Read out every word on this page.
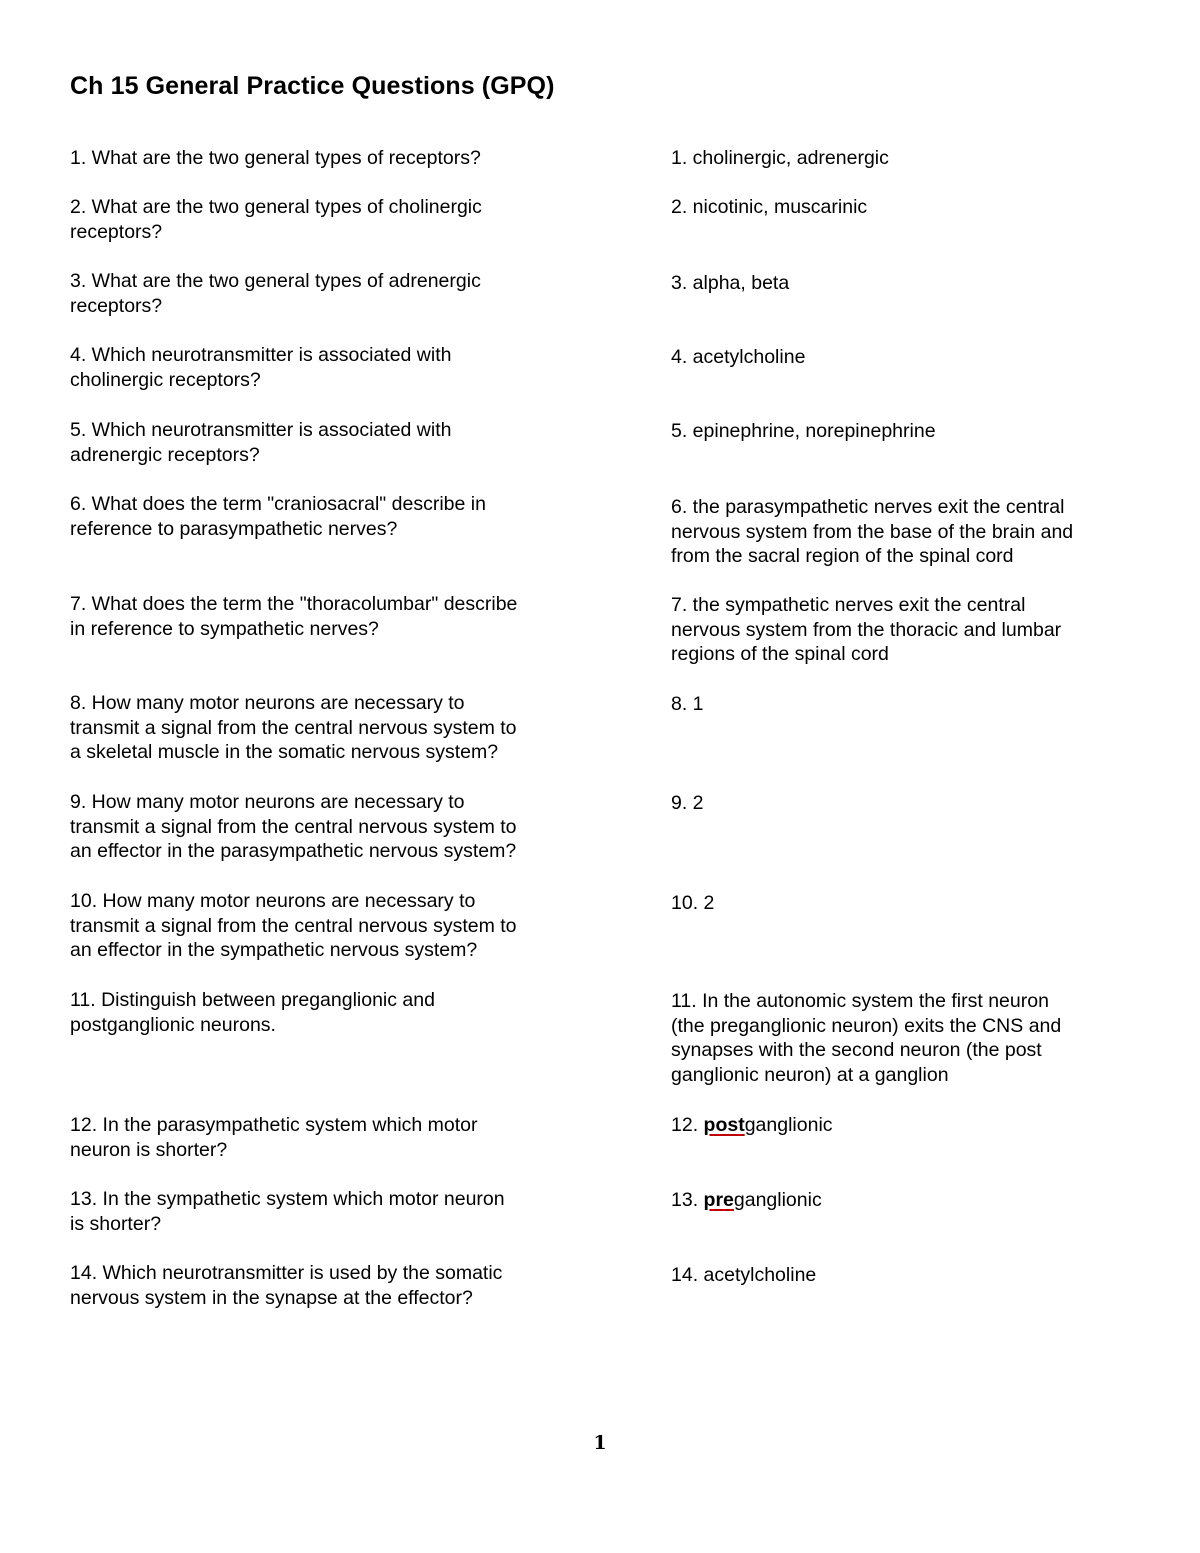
Ch 15 General Practice Questions (GPQ)
1. What are the two general types of receptors?	1. cholinergic, adrenergic
2. What are the two general types of cholinergic
receptors?
2. nicotinic, muscarinic
3. What are the two general types of adrenergic
receptors?
3. alpha, beta
4. Which neurotransmitter is associated with
cholinergic receptors?
4. acetylcholine
5. Which neurotransmitter is associated with
adrenergic receptors?
5. epinephrine, norepinephrine
6. What does the term "craniosacral" describe in
reference to parasympathetic nerves?
6. the parasympathetic nerves exit the central
nervous system from the base of the brain and
from the sacral region of the spinal cord
7. What does the term the "thoracolumbar" describe
in reference to sympathetic nerves?
7. the sympathetic nerves exit the central
nervous system from the thoracic and lumbar
regions of the spinal cord
8. How many motor neurons are necessary to
transmit a signal from the central nervous system to
a skeletal muscle in the somatic nervous system?
8. 1
9. How many motor neurons are necessary to
transmit a signal from the central nervous system to
an effector in the parasympathetic nervous system?
9. 2
10. How many motor neurons are necessary to
transmit a signal from the central nervous system to
an effector in the sympathetic nervous system?
10. 2
11. Distinguish between preganglionic and
postganglionic neurons.
11. In the autonomic system the first neuron
(the preganglionic neuron) exits the CNS and
synapses with the second neuron (the post
ganglionic neuron) at a ganglion
12. In the parasympathetic system which motor
neuron is shorter?
12. postganglionic
13. In the sympathetic system which motor neuron
is shorter?
13. preganglionic
14. Which neurotransmitter is used by the somatic
nervous system in the synapse at the effector?
14. acetylcholine
1
